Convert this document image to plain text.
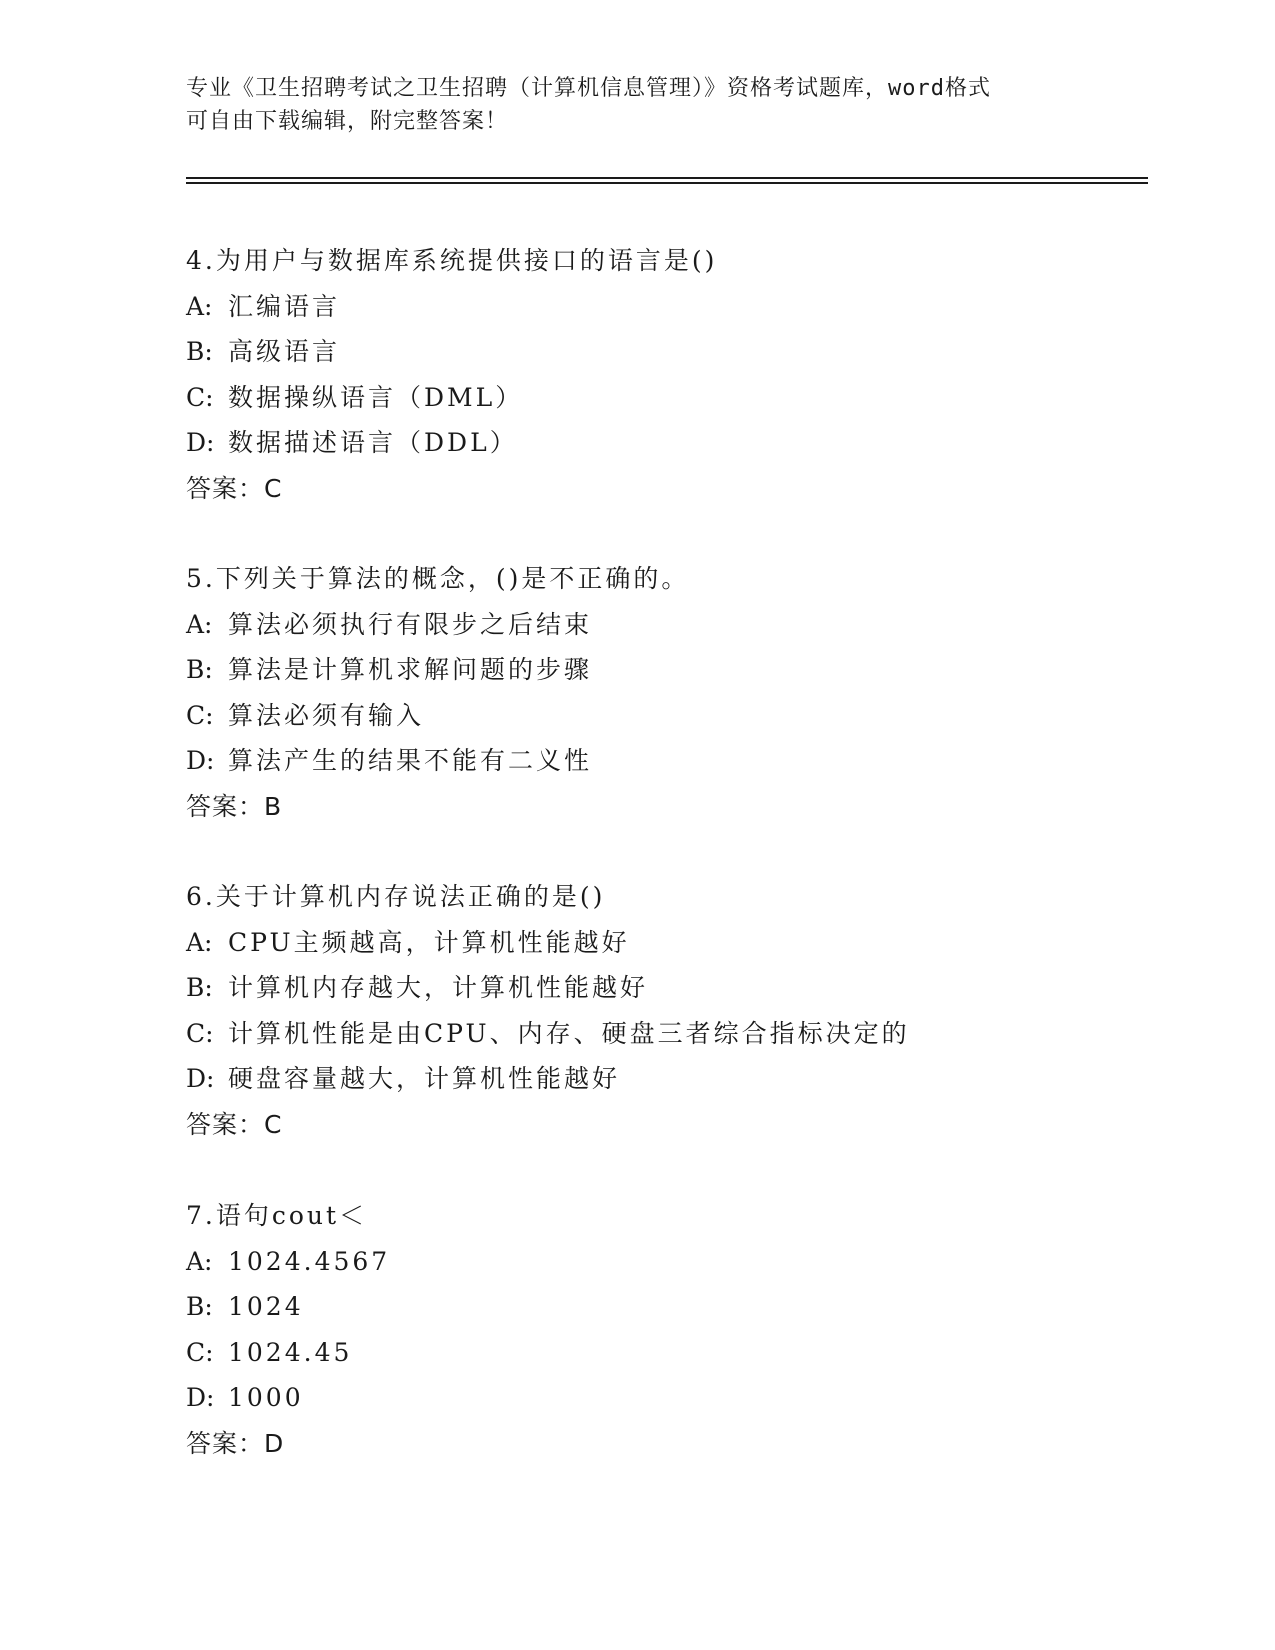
专业《卫生招聘考试之卫生招聘（计算机信息管理）》资格考试题库，word格式
可自由下载编辑，附完整答案！
4.为用户与数据库系统提供接口的语言是()
A: 汇编语言
B: 高级语言
C: 数据操纵语言（DML）
D: 数据描述语言（DDL）
答案：C
5.下列关于算法的概念，()是不正确的。
A: 算法必须执行有限步之后结束
B: 算法是计算机求解问题的步骤
C: 算法必须有输入
D: 算法产生的结果不能有二义性
答案：B
6.关于计算机内存说法正确的是()
A: CPU主频越高，计算机性能越好
B: 计算机内存越大，计算机性能越好
C: 计算机性能是由CPU、内存、硬盘三者综合指标决定的
D: 硬盘容量越大，计算机性能越好
答案：C
7.语句cout＜
A: 1024.4567
B: 1024
C: 1024.45
D: 1000
答案：D
